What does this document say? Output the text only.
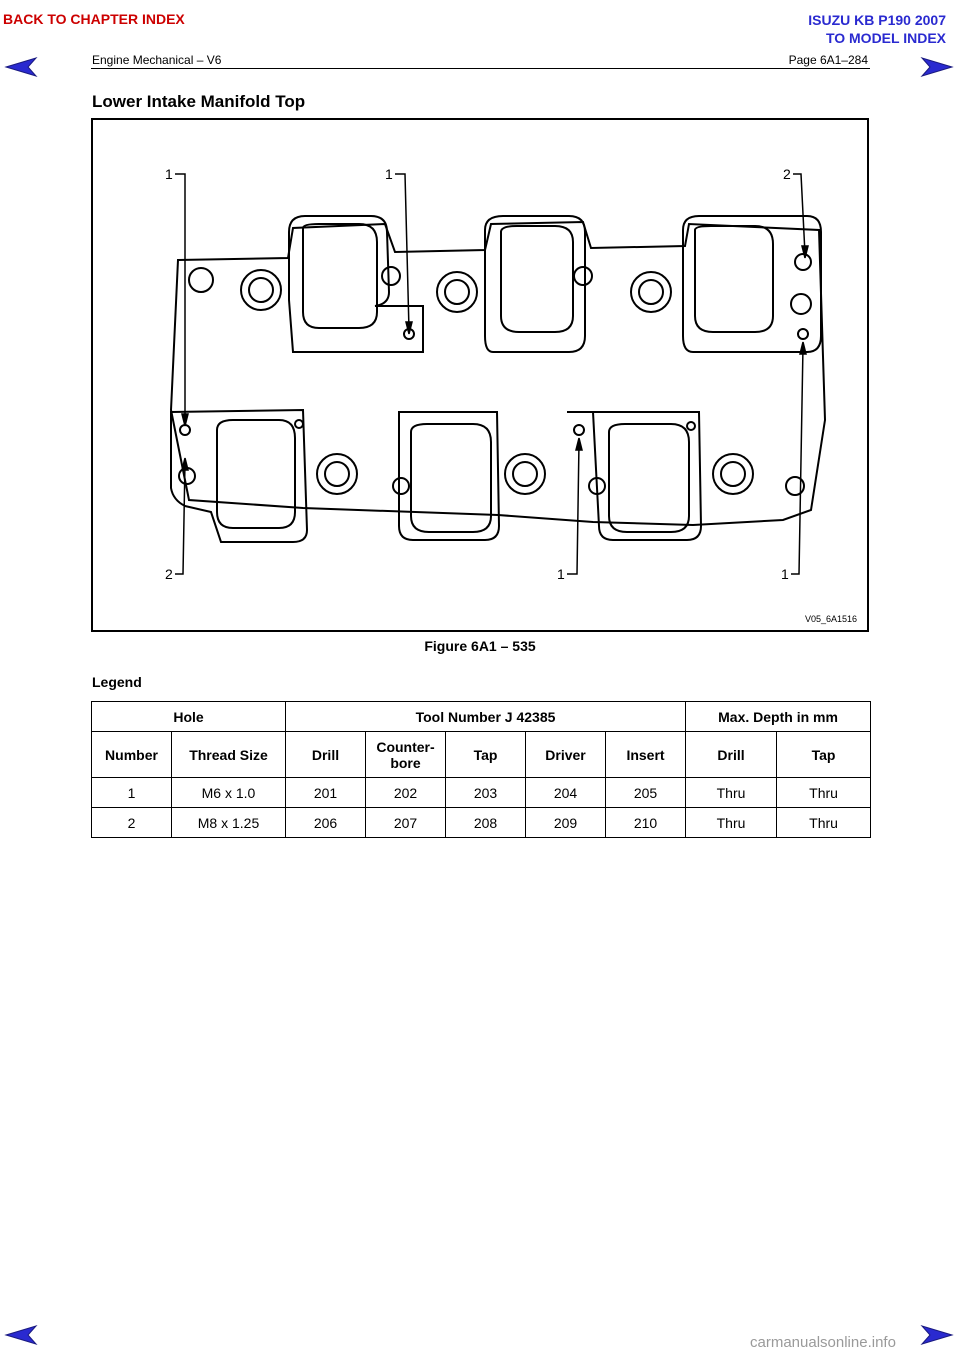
BACK TO CHAPTER INDEX	ISUZU KB P190 2007
TO MODEL INDEX
Engine Mechanical – V6	Page 6A1–284
Lower Intake Manifold Top
1	1	2
2	1	1
V05_6A1516
Figure 6A1 – 535
Legend
Hole		Tool Number J 42385					Max. Depth in mm	
Number	Thread Size	Drill	Counter-bore	Tap	Driver	Insert	Drill	Tap
1	M6 x 1.0	201	202	203	204	205	Thru	Thru
2	M8 x 1.25	206	207	208	209	210	Thru	Thru
carmanualsonline.info
